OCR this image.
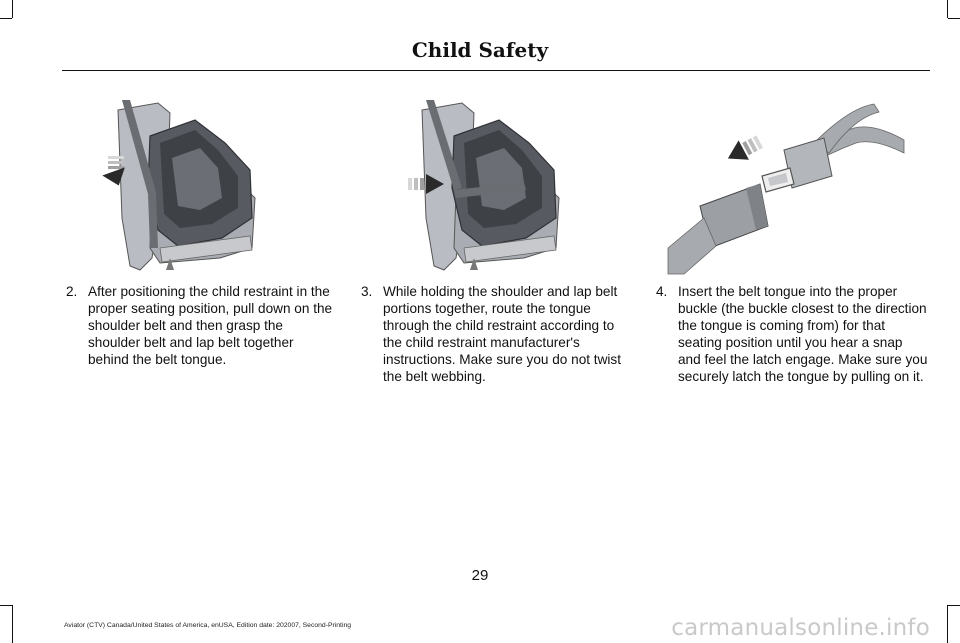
Child Safety
2. After positioning the child restraint in the proper seating position, pull down on the shoulder belt and then grasp the shoulder belt and lap belt together behind the belt tongue.
3. While holding the shoulder and lap belt portions together, route the tongue through the child restraint according to the child restraint manufacturer's instructions. Make sure you do not twist the belt webbing.
4. Insert the belt tongue into the proper buckle (the buckle closest to the direction the tongue is coming from) for that seating position until you hear a snap and feel the latch engage. Make sure you securely latch the tongue by pulling on it.
29
Aviator (CTV) Canada/United States of America, enUSA, Edition date: 202007, Second-Printing	carmanualsonline.info
